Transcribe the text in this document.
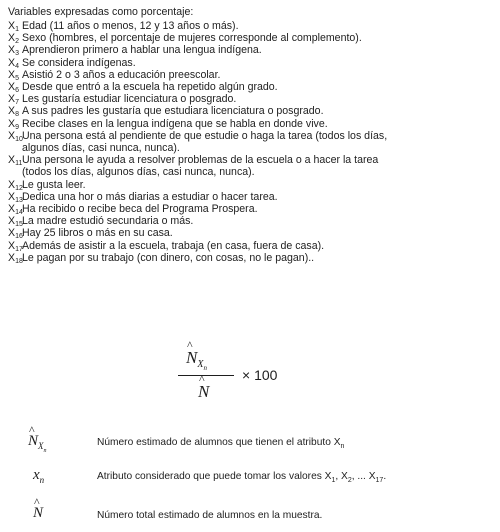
Variables expresadas como porcentaje:
$X_1$ Edad (11 años o menos, 12 y 13 años o más).
$X_2$ Sexo (hombres, el porcentaje de mujeres corresponde al complemento).
$X_3$ Aprendieron primero a hablar una lengua indígena.
$X_4$ Se considera indígenas.
$X_5$ Asistió 2 o 3 años a educación preescolar.
$X_6$ Desde que entró a la escuela ha repetido algún grado.
$X_7$ Les gustaría estudiar licenciatura o posgrado.
$X_8$ A sus padres les gustaría que estudiara licenciatura o posgrado.
$X_9$ Recibe clases en la lengua indígena que se habla en donde vive.
$X_{10}Una$ persona está al pendiente de que estudie o haga la tarea (todos los días,
algunos días, casi nunca, nunca).
$X_{11}Una$ persona le ayuda a resolver problemas de la escuela o a hacer la tarea
(todos los días, algunos días, casi nunca, nunca).
$X_{12}Le$ gusta leer.
$X_{13}Dedica$ una hor o más diarias a estudiar o hacer tarea.
$X_{14}Ha$ recibido o recibe beca del Programa Prospera.
$X_{15}La$ madre estudió secundaria o más.
$X_{16}Hay$ 25 libros o más en su casa.
$X_{17}Además$ de asistir a la escuela, trabaja (en casa, fuera de casa).
$X_{18}Le$ pagan por su trabajo (con dinero, con cosas, no le pagan)..
^ $N_{X_n}$
^ N
× 100
^ $N_{X_n}$
Número estimado de alumnos que tienen el atributo $X_n$
$x_n$	Atributo considerado que puede tomar los valores $X_1$, $X_2$, ... $X_{17}$.
^ N	Número total estimado de alumnos en la muestra.
